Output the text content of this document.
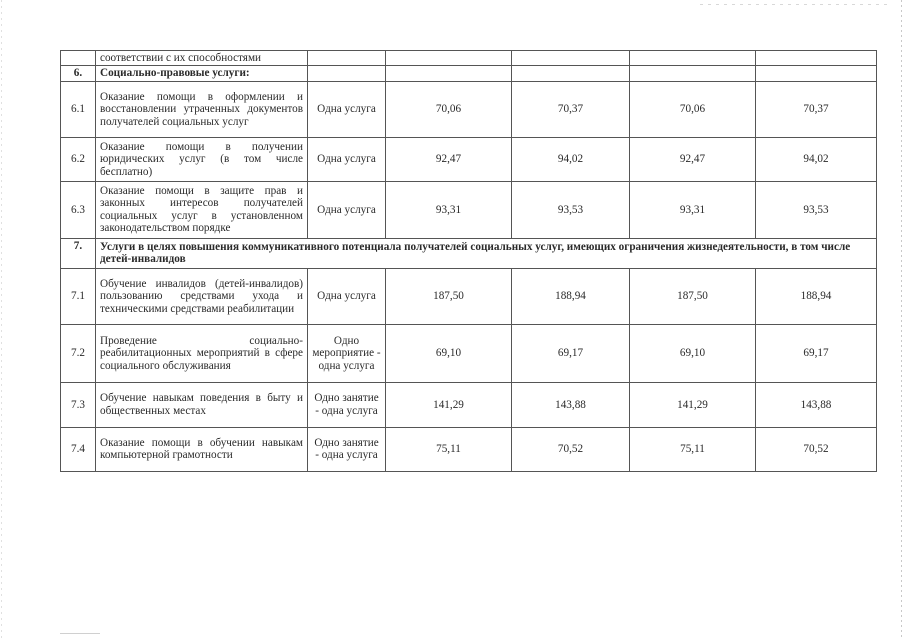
	соответствии с их способностями					
6.	Социально-правовые услуги:					
6.1	Оказание помощи в оформлении и восстановлении утраченных документов получателей социальных услуг	Одна услуга	70,06	70,37	70,06	70,37
6.2	Оказание помощи в получении юридических услуг (в том числе бесплатно)	Одна услуга	92,47	94,02	92,47	94,02
6.3	Оказание помощи в защите прав и законных интересов получателей социальных услуг в установленном законодательством порядке	Одна услуга	93,31	93,53	93,31	93,53
7.	Услуги в целях повышения коммуникативного потенциала получателей социальных услуг, имеющих ограничения жизнедеятельности, в том числе детей-инвалидов					
7.1	Обучение инвалидов (детей-инвалидов) пользованию средствами ухода и техническими средствами реабилитации	Одна услуга	187,50	188,94	187,50	188,94
7.2	Проведение социально-реабилитационных мероприятий в сфере социального обслуживания	Одно мероприятие - одна услуга	69,10	69,17	69,10	69,17
7.3	Обучение навыкам поведения в быту и общественных местах	Одно занятие - одна услуга	141,29	143,88	141,29	143,88
7.4	Оказание помощи в обучении навыкам компьютерной грамотности	Одно занятие - одна услуга	75,11	70,52	75,11	70,52
